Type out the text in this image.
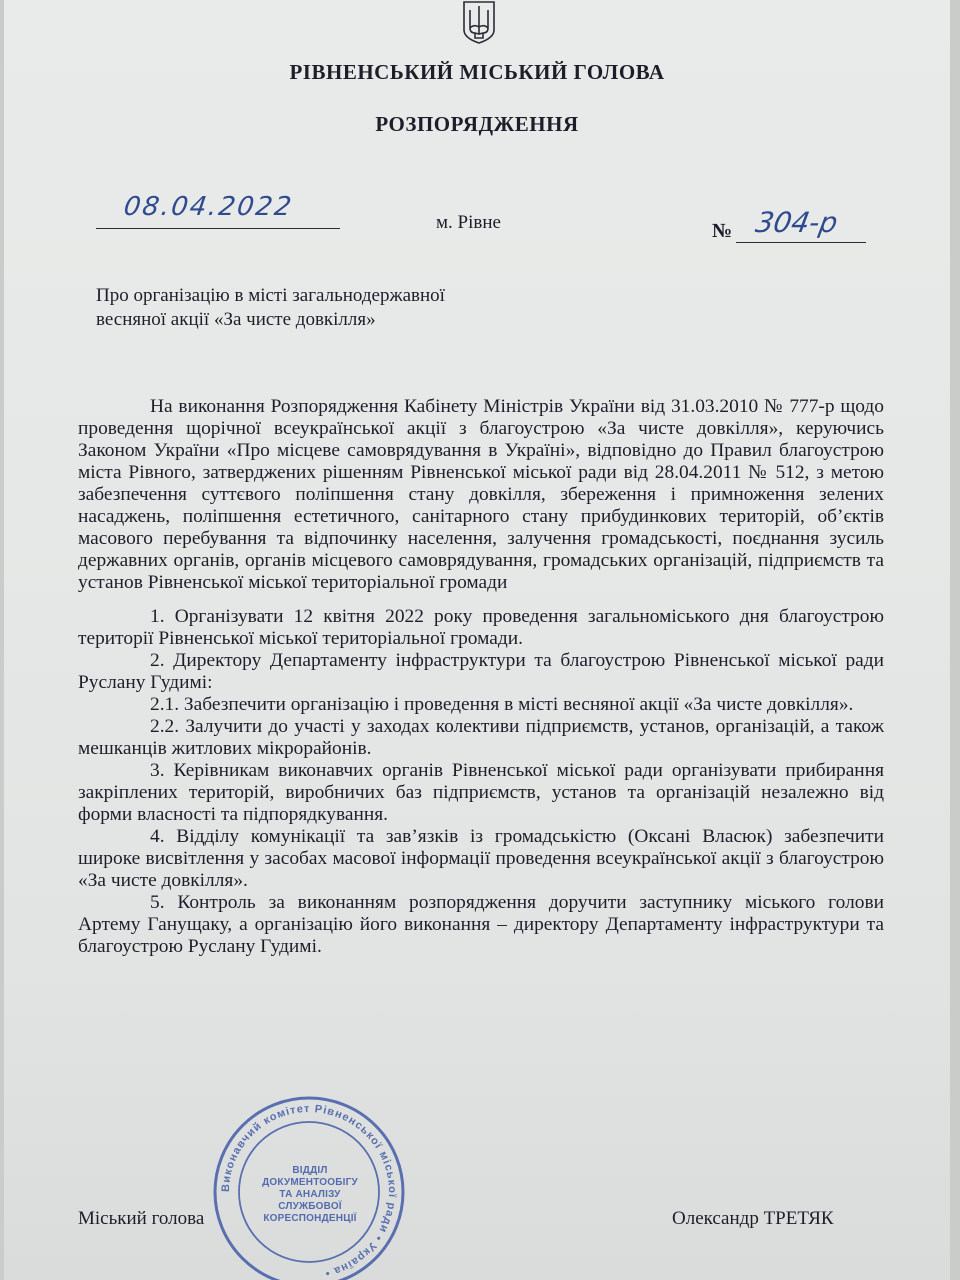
РІВНЕНСЬКИЙ МІСЬКИЙ ГОЛОВА
РОЗПОРЯДЖЕННЯ
08.04.2022
м. Рівне	№ 304-р
Про організацію в місті загальнодержавної
весняної акції «За чисте довкілля»

На виконання Розпорядження Кабінету Міністрів України від 31.03.2010 № 777-р щодо проведення щорічної всеукраїнської акції з благоустрою «За чисте довкілля», керуючись Законом України «Про місцеве самоврядування в Україні», відповідно до Правил благоустрою міста Рівного, затверджених рішенням Рівненської міської ради від 28.04.2011 № 512, з метою забезпечення суттєвого поліпшення стану довкілля, збереження і примноження зелених насаджень, поліпшення естетичного, санітарного стану прибудинкових територій, об’єктів масового перебування та відпочинку населення, залучення громадськості, поєднання зусиль державних органів, органів місцевого самоврядування, громадських організацій, підприємств та установ Рівненської міської територіальної громади

1. Організувати 12 квітня 2022 року проведення загальноміського дня благоустрою території Рівненської міської територіальної громади.

2. Директору Департаменту інфраструктури та благоустрою Рівненської міської ради Руслану Гудимі:

2.1. Забезпечити організацію і проведення в місті весняної акції «За чисте довкілля».

2.2. Залучити до участі у заходах колективи підприємств, установ, організацій, а також мешканців житлових мікрорайонів.

3. Керівникам виконавчих органів Рівненської міської ради організувати прибирання закріплених територій, виробничих баз підприємств, установ та організацій незалежно від форми власності та підпорядкування.

4. Відділу комунікації та зав’язків із громадськістю (Оксані Власюк) забезпечити широке висвітлення у засобах масової інформації проведення всеукраїнської акції з благоустрою «За чисте довкілля».

5. Контроль за виконанням розпорядження доручити заступнику міського голови Артему Ганущаку, а організацію його виконання – директору Департаменту інфраструктури та благоустрою Руслану Гудимі.

Виконавчий комітет Рівненської міської ради • Україна •
ВІДДІЛ
ДОКУМЕНТООБІГУ
ТА АНАЛІЗУ
СЛУЖБОВОЇ
КОРЕСПОНДЕНЦІЇ
Міський голова	Олександр ТРЕТЯК
